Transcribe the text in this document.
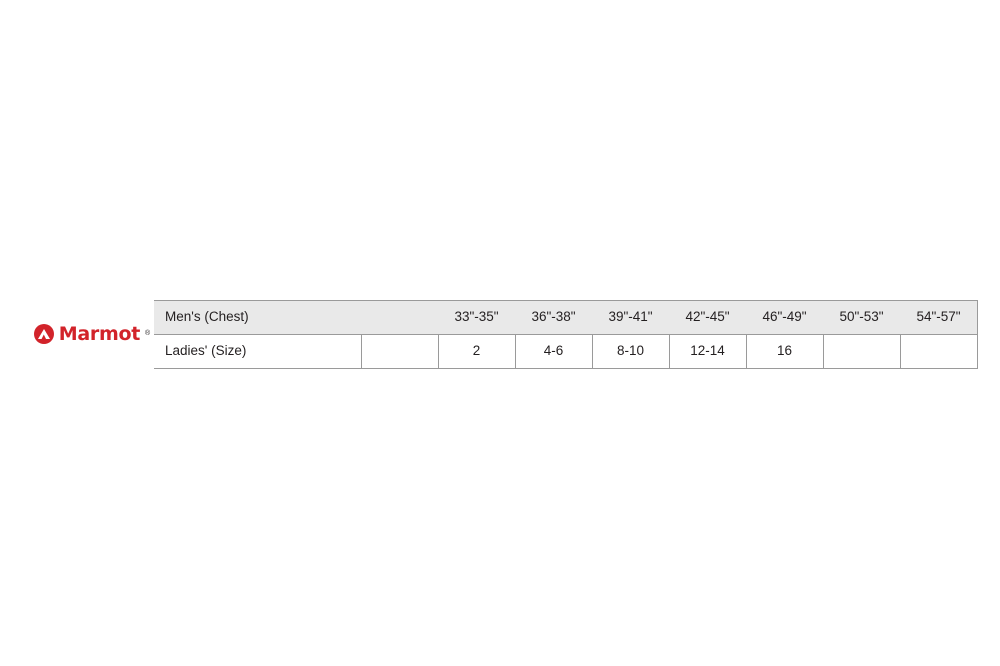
Marmot ®	Men's (Chest)		33"-35"	36"-38"	39"-41"	42"-45"	46"-49"	50"-53"	54"-57"
	Ladies' (Size)		2	4-6	8-10	12-14	16		
